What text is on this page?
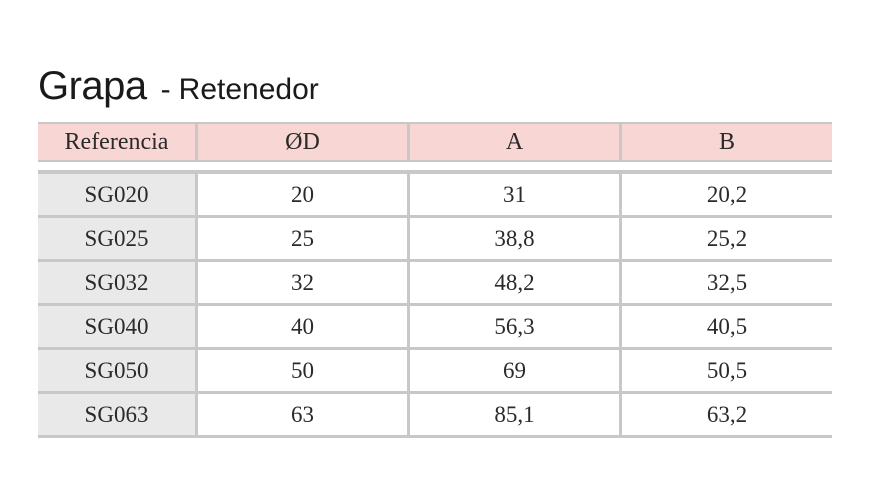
Grapa - Retenedor
Referencia	ØD	A	B
SG020	20	31	20,2
SG025	25	38,8	25,2
SG032	32	48,2	32,5
SG040	40	56,3	40,5
SG050	50	69	50,5
SG063	63	85,1	63,2
